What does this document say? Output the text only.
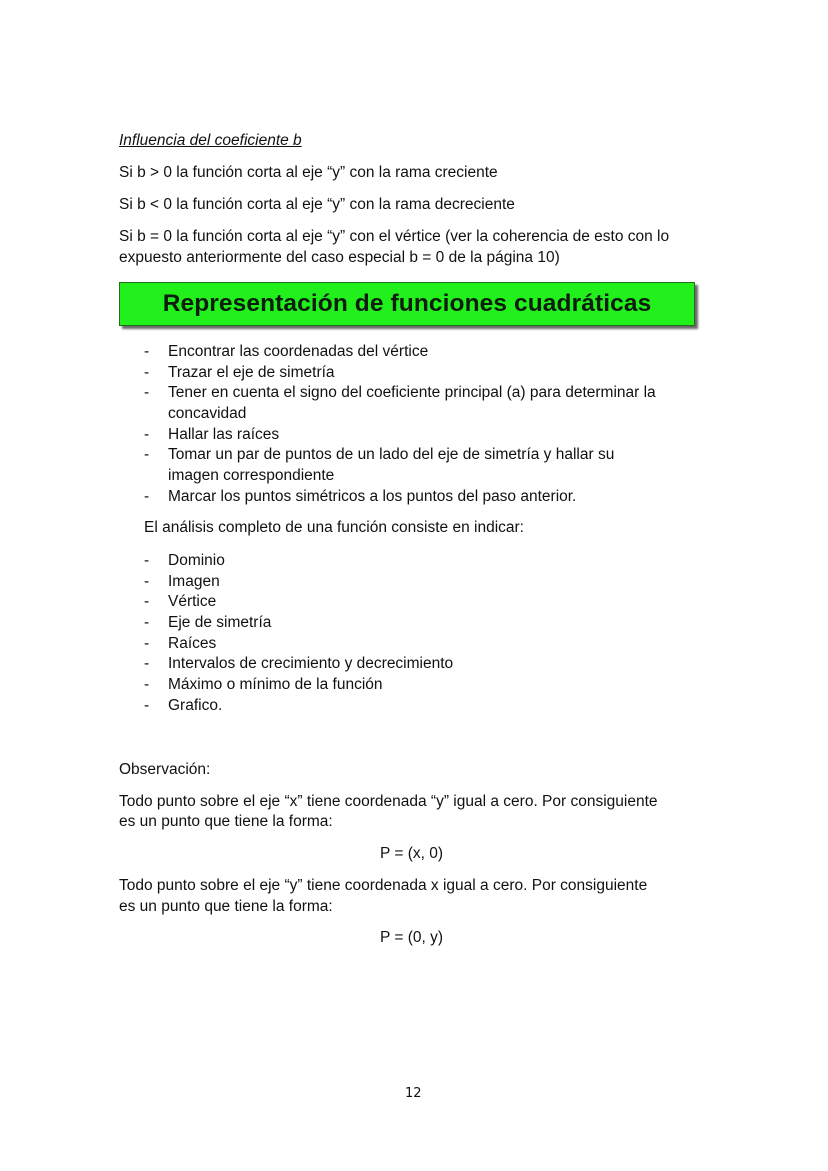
Influencia del coeficiente b
Si b > 0 la función corta al eje “y” con la rama creciente
Si b < 0 la función corta al eje “y” con la rama decreciente
Si b = 0 la función corta al eje “y” con el vértice (ver la coherencia de esto con lo
expuesto anteriormente del caso especial b = 0 de la página 10)
Representación de funciones cuadráticas
- Encontrar las coordenadas del vértice
- Trazar el eje de simetría
- Tener en cuenta el signo del coeficiente principal (a) para determinar la
concavidad
- Hallar las raíces
- Tomar un par de puntos de un lado del eje de simetría y hallar su
imagen correspondiente
- Marcar los puntos simétricos a los puntos del paso anterior.
El análisis completo de una función consiste en indicar:
- Dominio
- Imagen
- Vértice
- Eje de simetría
- Raíces
- Intervalos de crecimiento y decrecimiento
- Máximo o mínimo de la función
- Grafico.
Observación:
Todo punto sobre el eje “x” tiene coordenada “y” igual a cero. Por consiguiente
es un punto que tiene la forma:
P = (x, 0)
Todo punto sobre el eje “y” tiene coordenada x igual a cero. Por consiguiente
es un punto que tiene la forma:
P = (0, y)
12
